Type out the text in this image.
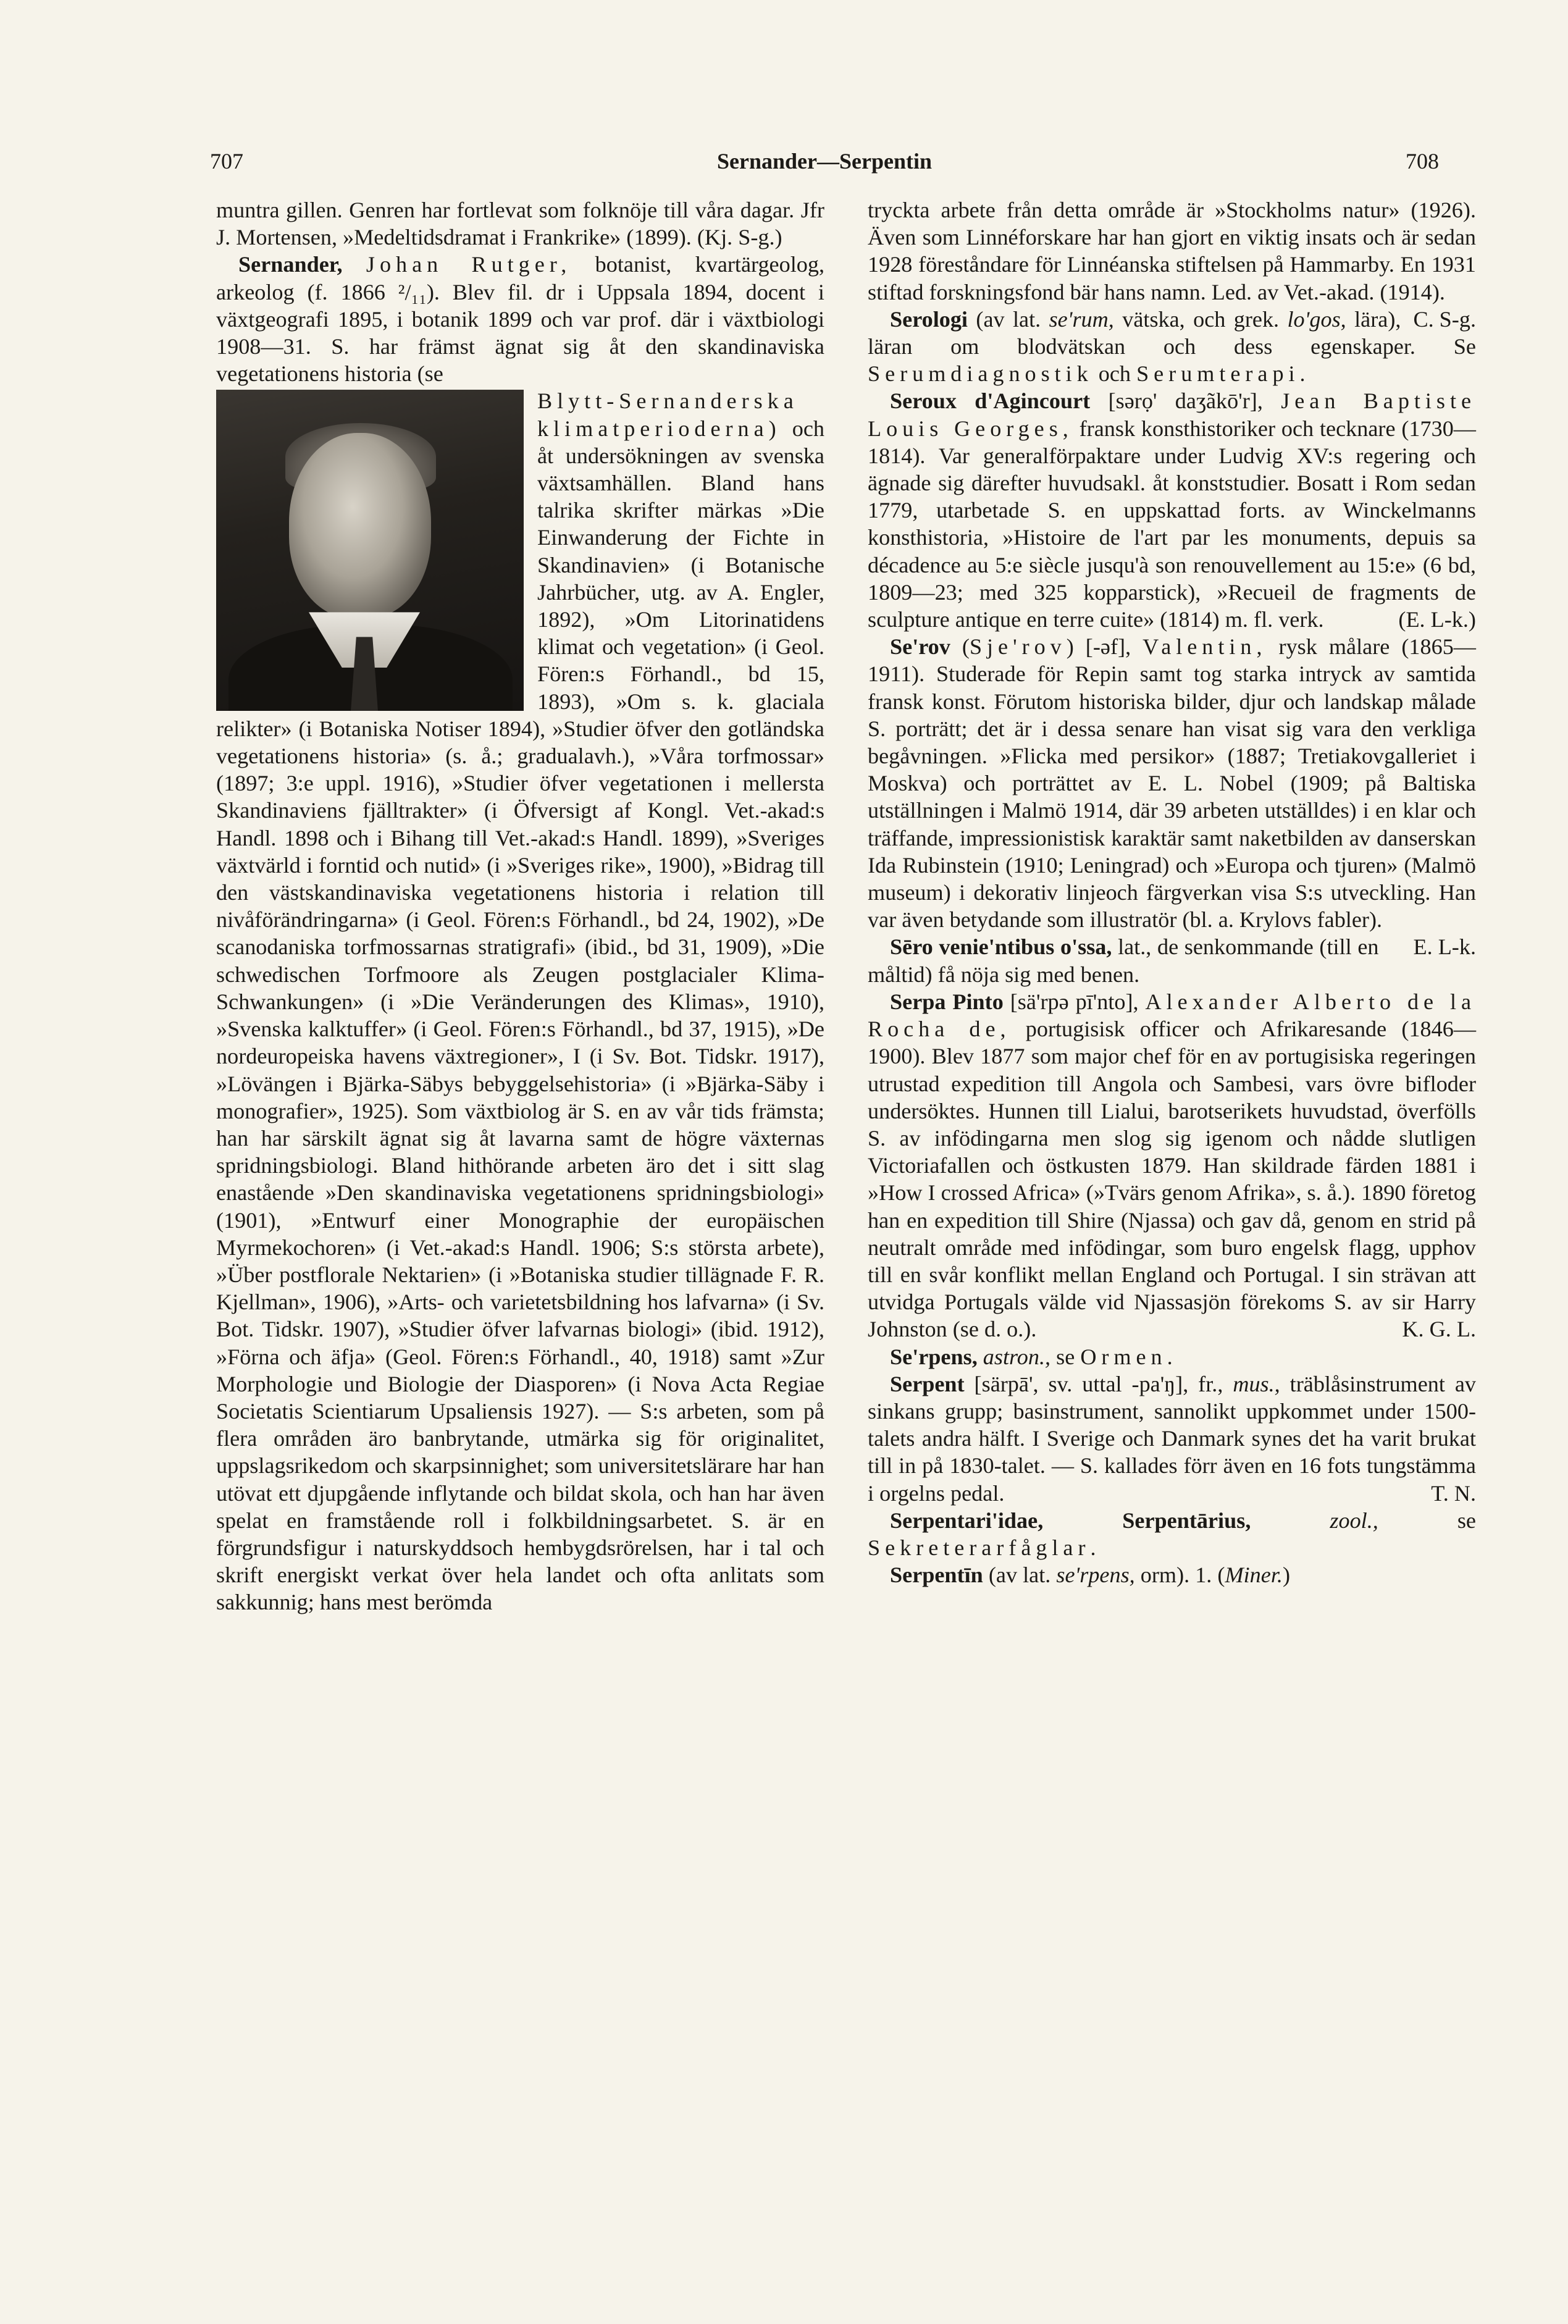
707	Sernander—Serpentin	708

muntra gillen. Genren har fortlevat som folknöje till våra dagar. Jfr J. Mortensen, »Medeltidsdramat i Frankrike» (1899). (Kj. S-g.)

Sernander, Johan Rutger, botanist, kvartärgeolog, arkeolog (f. 1866 ²/₁₁). Blev fil. dr i Uppsala 1894, docent i växtgeografi 1895, i botanik 1899 och var prof. där i växtbiologi 1908—31. S. har främst ägnat sig åt den skandinaviska vegetationens historia (se

Blytt-Sernanderska klimatperioderna) och åt undersökningen av svenska växtsamhällen. Bland hans talrika skrifter märkas »Die Einwanderung der Fichte in Skandinavien» (i Botanische Jahrbücher, utg. av A. Engler, 1892), »Om Litorinatidens klimat och vegetation» (i Geol. Fören:s Förhandl., bd 15, 1893), »Om s. k. glaciala relikter» (i Botaniska Notiser 1894), »Studier öfver den gotländska vegetationens historia» (s. å.; gradualavh.), »Våra torfmossar» (1897; 3:e uppl. 1916), »Studier öfver vegetationen i mellersta Skandinaviens fjälltrakter» (i Öfversigt af Kongl. Vet.-akad:s Handl. 1898 och i Bihang till Vet.-akad:s Handl. 1899), »Sveriges växtvärld i forntid och nutid» (i »Sveriges rike», 1900), »Bidrag till den västskandinaviska vegetationens historia i relation till nivåförändringarna» (i Geol. Fören:s Förhandl., bd 24, 1902), »De scanodaniska torfmossarnas stratigrafi» (ibid., bd 31, 1909), »Die schwedischen Torfmoore als Zeugen postglacialer Klima-Schwankungen» (i »Die Veränderungen des Klimas», 1910), »Svenska kalktuffer» (i Geol. Fören:s Förhandl., bd 37, 1915), »De nordeuropeiska havens växtregioner», I (i Sv. Bot. Tidskr. 1917), »Lövängen i Bjärka-Säbys bebyggelsehistoria» (i »Bjärka-Säby i monografier», 1925). Som växtbiolog är S. en av vår tids främsta; han har särskilt ägnat sig åt lavarna samt de högre växternas spridningsbiologi. Bland hithörande arbeten äro det i sitt slag enastående »Den skandinaviska vegetationens spridningsbiologi» (1901), »Entwurf einer Monographie der europäischen Myrmekochoren» (i Vet.-akad:s Handl. 1906; S:s största arbete), »Über postflorale Nektarien» (i »Botaniska studier tillägnade F. R. Kjellman», 1906), »Arts- och varietetsbildning hos lafvarna» (i Sv. Bot. Tidskr. 1907), »Studier öfver lafvarnas biologi» (ibid. 1912), »Förna och äfja» (Geol. Fören:s Förhandl., 40, 1918) samt »Zur Morphologie und Biologie der Diasporen» (i Nova Acta Regiae Societatis Scientiarum Upsaliensis 1927). — S:s arbeten, som på flera områden äro banbrytande, utmärka sig för originalitet, uppslagsrikedom och skarpsinnighet; som universitetslärare har han utövat ett djupgående inflytande och bildat skola, och han har även spelat en framstående roll i folkbildningsarbetet. S. är en förgrundsfigur i naturskyddsoch hembygdsrörelsen, har i tal och skrift energiskt verkat över hela landet och ofta anlitats som sakkunnig; hans mest berömda

tryckta arbete från detta område är »Stockholms natur» (1926). Även som Linnéforskare har han gjort en viktig insats och är sedan 1928 föreståndare för Linnéanska stiftelsen på Hammarby. En 1931 stiftad forskningsfond bär hans namn. Led. av Vet.-akad. (1914).
C. S-g.

Serologi (av lat. se'rum, vätska, och grek. lo'gos, lära), läran om blodvätskan och dess egenskaper. Se Serumdiagnostik och Serumterapi.

Seroux d'Agincourt [sərọ' daʒãkō'r], Jean Baptiste Louis Georges, fransk konsthistoriker och tecknare (1730—1814). Var generalförpaktare under Ludvig XV:s regering och ägnade sig därefter huvudsakl. åt konststudier. Bosatt i Rom sedan 1779, utarbetade S. en uppskattad forts. av Winckelmanns konsthistoria, »Histoire de l'art par les monuments, depuis sa décadence au 5:e siècle jusqu'à son renouvellement au 15:e» (6 bd, 1809—23; med 325 kopparstick), »Recueil de fragments de sculpture antique en terre cuite» (1814) m. fl. verk.	(E. L-k.)

Se'rov (Sje'rov) [-əf], Valentin, rysk målare (1865—1911). Studerade för Repin samt tog starka intryck av samtida fransk konst. Förutom historiska bilder, djur och landskap målade S. porträtt; det är i dessa senare han visat sig vara den verkliga begåvningen. »Flicka med persikor» (1887; Tretiakovgalleriet i Moskva) och porträttet av E. L. Nobel (1909; på Baltiska utställningen i Malmö 1914, där 39 arbeten utställdes) i en klar och träffande, impressionistisk karaktär samt naketbilden av danserskan Ida Rubinstein (1910; Leningrad) och »Europa och tjuren» (Malmö museum) i dekorativ linjeoch färgverkan visa S:s utveckling. Han var även betydande som illustratör (bl. a. Krylovs fabler).
E. L-k.

Sēro venie'ntibus o'ssa, lat., de senkommande (till en måltid) få nöja sig med benen.

Serpa Pinto [sä'rpə pī'nto], Alexander Alberto de la Rocha de, portugisisk officer och Afrikaresande (1846—1900). Blev 1877 som major chef för en av portugisiska regeringen utrustad expedition till Angola och Sambesi, vars övre bifloder undersöktes. Hunnen till Lialui, barotserikets huvudstad, överfölls S. av infödingarna men slog sig igenom och nådde slutligen Victoriafallen och östkusten 1879. Han skildrade färden 1881 i »How I crossed Africa» (»Tvärs genom Afrika», s. å.). 1890 företog han en expedition till Shire (Njassa) och gav då, genom en strid på neutralt område med infödingar, som buro engelsk flagg, upphov till en svår konflikt mellan England och Portugal. I sin strävan att utvidga Portugals välde vid Njassasjön förekoms S. av sir Harry Johnston (se d. o.).	K. G. L.

Se'rpens, astron., se Ormen.

Serpent [särpā', sv. uttal -pa'ŋ], fr., mus., träblåsinstrument av sinkans grupp; basinstrument, sannolikt uppkommet under 1500-talets andra hälft. I Sverige och Danmark synes det ha varit brukat till in på 1830-talet. — S. kallades förr även en 16 fots tungstämma i orgelns pedal.	T. N.

Serpentari'idae, Serpentārius, zool., se Sekreterarfåglar.

Serpentīn (av lat. se'rpens, orm). 1. (Miner.)
